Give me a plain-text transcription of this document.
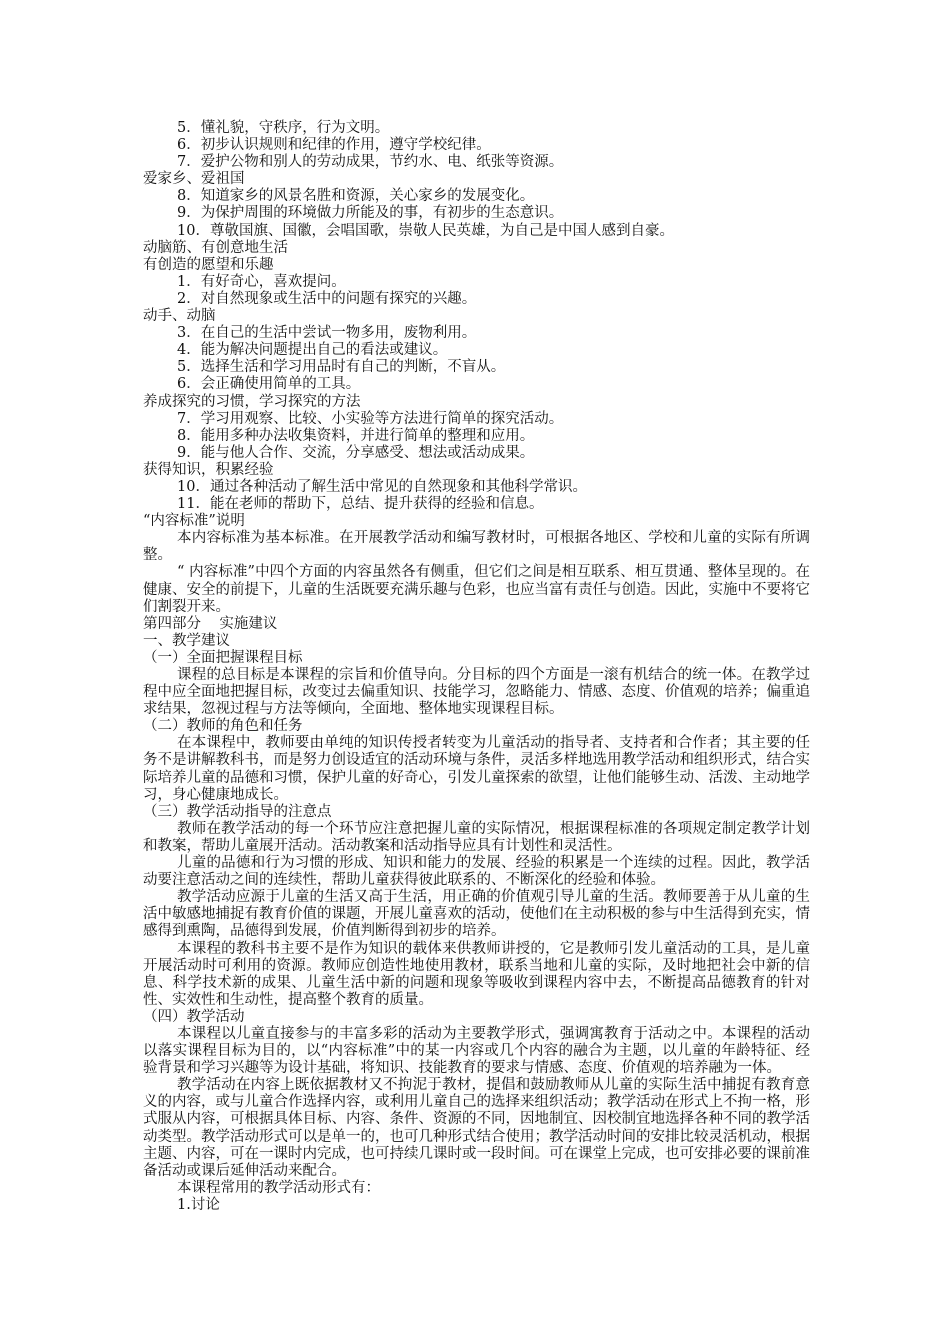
5．懂礼貌，守秩序，行为文明。
6．初步认识规则和纪律的作用，遵守学校纪律。
7．爱护公物和别人的劳动成果，节约水、电、纸张等资源。
爱家乡、爱祖国
8．知道家乡的风景名胜和资源，关心家乡的发展变化。
9．为保护周围的环境做力所能及的事，有初步的生态意识。
10．尊敬国旗、国徽，会唱国歌，崇敬人民英雄，为自己是中国人感到自豪。
动脑筋、有创意地生活
有创造的愿望和乐趣
1．有好奇心，喜欢提问。
2．对自然现象或生活中的问题有探究的兴趣。
动手、动脑
3．在自己的生活中尝试一物多用，废物利用。
4．能为解决问题提出自己的看法或建议。
5．选择生活和学习用品时有自己的判断，不盲从。
6．会正确使用简单的工具。
养成探究的习惯，学习探究的方法
7．学习用观察、比较、小实验等方法进行简单的探究活动。
8．能用多种办法收集资料，并进行简单的整理和应用。
9．能与他人合作、交流，分享感受、想法或活动成果。
获得知识，积累经验
10．通过各种活动了解生活中常见的自然现象和其他科学常识。
11．能在老师的帮助下，总结、提升获得的经验和信息。
“内容标准”说明
本内容标准为基本标准。在开展教学活动和编写教材时，可根据各地区、学校和儿童的实际有所调整。
“ 内容标准”中四个方面的内容虽然各有侧重，但它们之间是相互联系、相互贯通、整体呈现的。在健康、安全的前提下，儿童的生活既要充满乐趣与色彩，也应当富有责任与创造。因此，实施中不要将它们割裂开来。
第四部分    实施建议
一、教学建议
（一）全面把握课程目标
课程的总目标是本课程的宗旨和价值导向。分目标的四个方面是一滚有机结合的统一体。在教学过程中应全面地把握目标，改变过去偏重知识、技能学习，忽略能力、情感、态度、价值观的培养；偏重追求结果，忽视过程与方法等倾向，全面地、整体地实现课程目标。
（二）教师的角色和任务
在本课程中，教师要由单纯的知识传授者转变为儿童活动的指导者、支持者和合作者；其主要的任务不是讲解教科书，而是努力创设适宜的活动环境与条件，灵活多样地选用教学活动和组织形式，结合实际培养儿童的品德和习惯，保护儿童的好奇心，引发儿童探索的欲望，让他们能够生动、活泼、主动地学习，身心健康地成长。
（三）教学活动指导的注意点
教师在教学活动的每一个环节应注意把握儿童的实际情况，根据课程标准的各项规定制定教学计划和教案，帮助儿童展开活动。活动教案和活动指导应具有计划性和灵活性。
儿童的品德和行为习惯的形成、知识和能力的发展、经验的积累是一个连续的过程。因此，教学活动要注意活动之间的连续性，帮助儿童获得彼此联系的、不断深化的经验和体验。
教学活动应源于儿童的生活又高于生活，用正确的价值观引导儿童的生活。教师要善于从儿童的生活中敏感地捕捉有教育价值的课题，开展儿童喜欢的活动，使他们在主动积极的参与中生活得到充实，情感得到熏陶，品德得到发展，价值判断得到初步的培养。
本课程的教科书主要不是作为知识的载体来供教师讲授的，它是教师引发儿童活动的工具，是儿童开展活动时可利用的资源。教师应创造性地使用教材，联系当地和儿童的实际，及时地把社会中新的信息、科学技术新的成果、儿童生活中新的问题和现象等吸收到课程内容中去，不断提高品德教育的针对性、实效性和生动性，提高整个教育的质量。
（四）教学活动
本课程以儿童直接参与的丰富多彩的活动为主要教学形式，强调寓教育于活动之中。本课程的活动以落实课程目标为目的，以“内容标准”中的某一内容或几个内容的融合为主题，以儿童的年龄特征、经验背景和学习兴趣等为设计基础，将知识、技能教育的要求与情感、态度、价值观的培养融为一体。
教学活动在内容上既依据教材又不拘泥于教材，提倡和鼓励教师从儿童的实际生活中捕捉有教育意义的内容，或与儿童合作选择内容，或利用儿童自己的选择来组织活动；教学活动在形式上不拘一格，形式服从内容，可根据具体目标、内容、条件、资源的不同，因地制宜、因校制宜地选择各种不同的教学活动类型。教学活动形式可以是单一的，也可几种形式结合使用；教学活动时间的安排比较灵活机动，根据主题、内容，可在一课时内完成，也可持续几课时或一段时间。可在课堂上完成，也可安排必要的课前准备活动或课后延伸活动来配合。
本课程常用的教学活动形式有：
1.讨论
